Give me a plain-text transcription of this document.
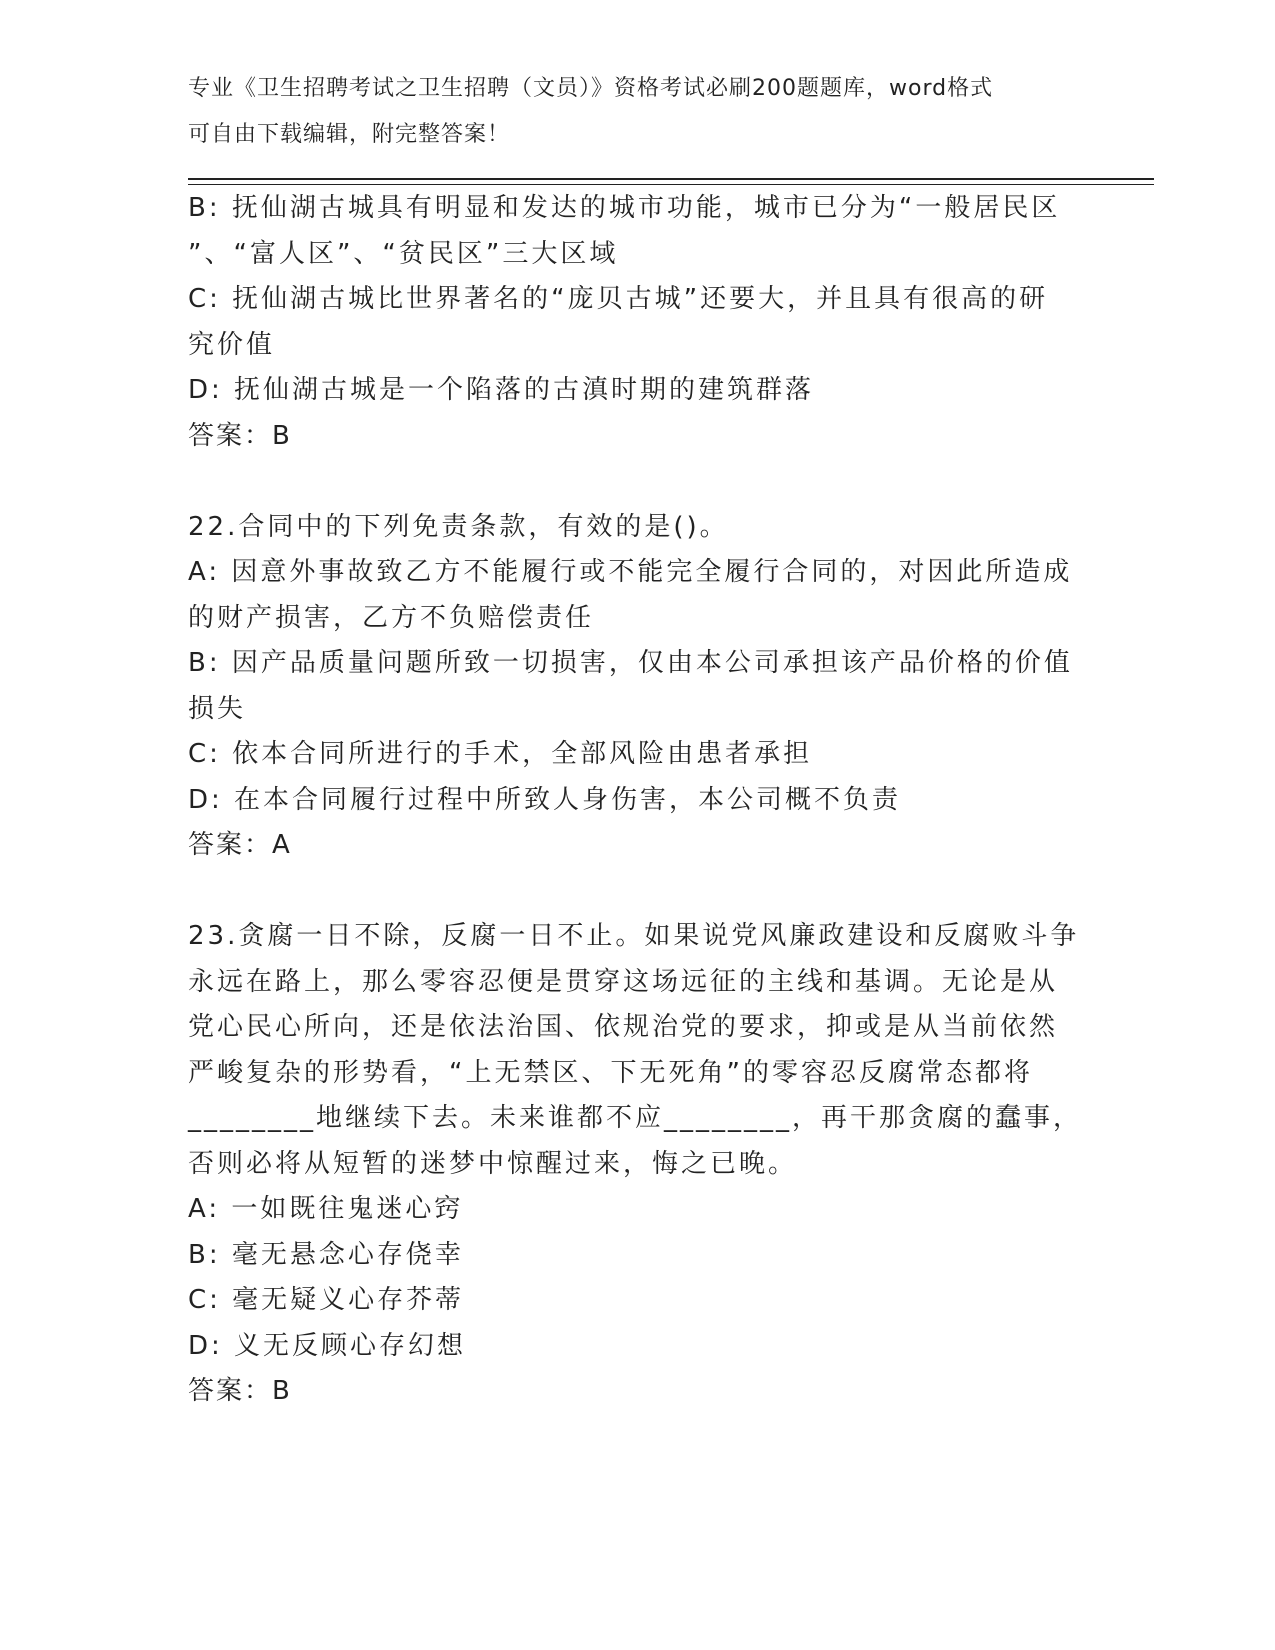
专业《卫生招聘考试之卫生招聘（文员）》资格考试必刷200题题库，word格式
可自由下载编辑，附完整答案！
B: 抚仙湖古城具有明显和发达的城市功能，城市已分为“一般居民区
”、“富人区”、“贫民区”三大区域
C: 抚仙湖古城比世界著名的“庞贝古城”还要大，并且具有很高的研
究价值
D: 抚仙湖古城是一个陷落的古滇时期的建筑群落
答案：B
22.合同中的下列免责条款，有效的是()。
A: 因意外事故致乙方不能履行或不能完全履行合同的，对因此所造成
的财产损害，乙方不负赔偿责任
B: 因产品质量问题所致一切损害，仅由本公司承担该产品价格的价值
损失
C: 依本合同所进行的手术，全部风险由患者承担
D: 在本合同履行过程中所致人身伤害，本公司概不负责
答案：A
23.贪腐一日不除，反腐一日不止。如果说党风廉政建设和反腐败斗争
永远在路上，那么零容忍便是贯穿这场远征的主线和基调。无论是从
党心民心所向，还是依法治国、依规治党的要求，抑或是从当前依然
严峻复杂的形势看，“上无禁区、下无死角”的零容忍反腐常态都将
________地继续下去。未来谁都不应________，再干那贪腐的蠢事，
否则必将从短暂的迷梦中惊醒过来，悔之已晚。
A: 一如既往鬼迷心窍
B: 毫无悬念心存侥幸
C: 毫无疑义心存芥蒂
D: 义无反顾心存幻想
答案：B
